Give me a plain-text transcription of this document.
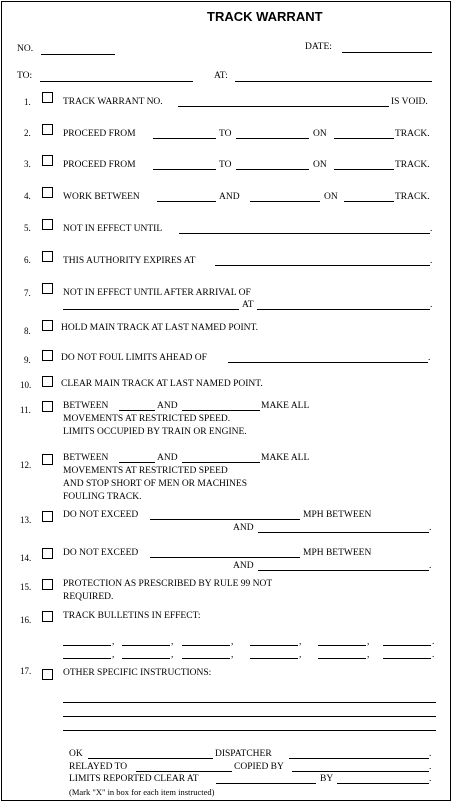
TRACK WARRANT
NO.	DATE:
TO:	AT:
1.	TRACK WARRANT NO.	IS VOID.
2.	PROCEED FROM	TO	ON	TRACK.
3.	PROCEED FROM	TO	ON	TRACK.
4.	WORK BETWEEN	AND	ON	TRACK.
5.	NOT IN EFFECT UNTIL	.
6.	THIS AUTHORITY EXPIRES AT	.
7.	NOT IN EFFECT UNTIL AFTER ARRIVAL OF
AT	.
8.	HOLD MAIN TRACK AT LAST NAMED POINT.
9.	DO NOT FOUL LIMITS AHEAD OF	.
10.	CLEAR MAIN TRACK AT LAST NAMED POINT.
11.	BETWEEN	AND	MAKE ALL
MOVEMENTS AT RESTRICTED SPEED.
LIMITS OCCUPIED BY TRAIN OR ENGINE.
12.
BETWEEN	AND	MAKE ALL
MOVEMENTS AT RESTRICTED SPEED
AND STOP SHORT OF MEN OR MACHINES
FOULING TRACK.
13.	DO NOT EXCEED	MPH BETWEEN
AND	.
14.	DO NOT EXCEED	MPH BETWEEN
AND	.
15.	PROTECTION AS PRESCRIBED BY RULE 99 NOT
REQUIRED.
16.	TRACK BULLETINS IN EFFECT:
,	,	,	,	,	.
,	,	,	,	,	.
17.	OTHER SPECIFIC INSTRUCTIONS:
OK	DISPATCHER	.
RELAYED TO	COPIED BY	.
LIMITS REPORTED CLEAR AT	BY	.
(Mark "X" in box for each item instructed)
